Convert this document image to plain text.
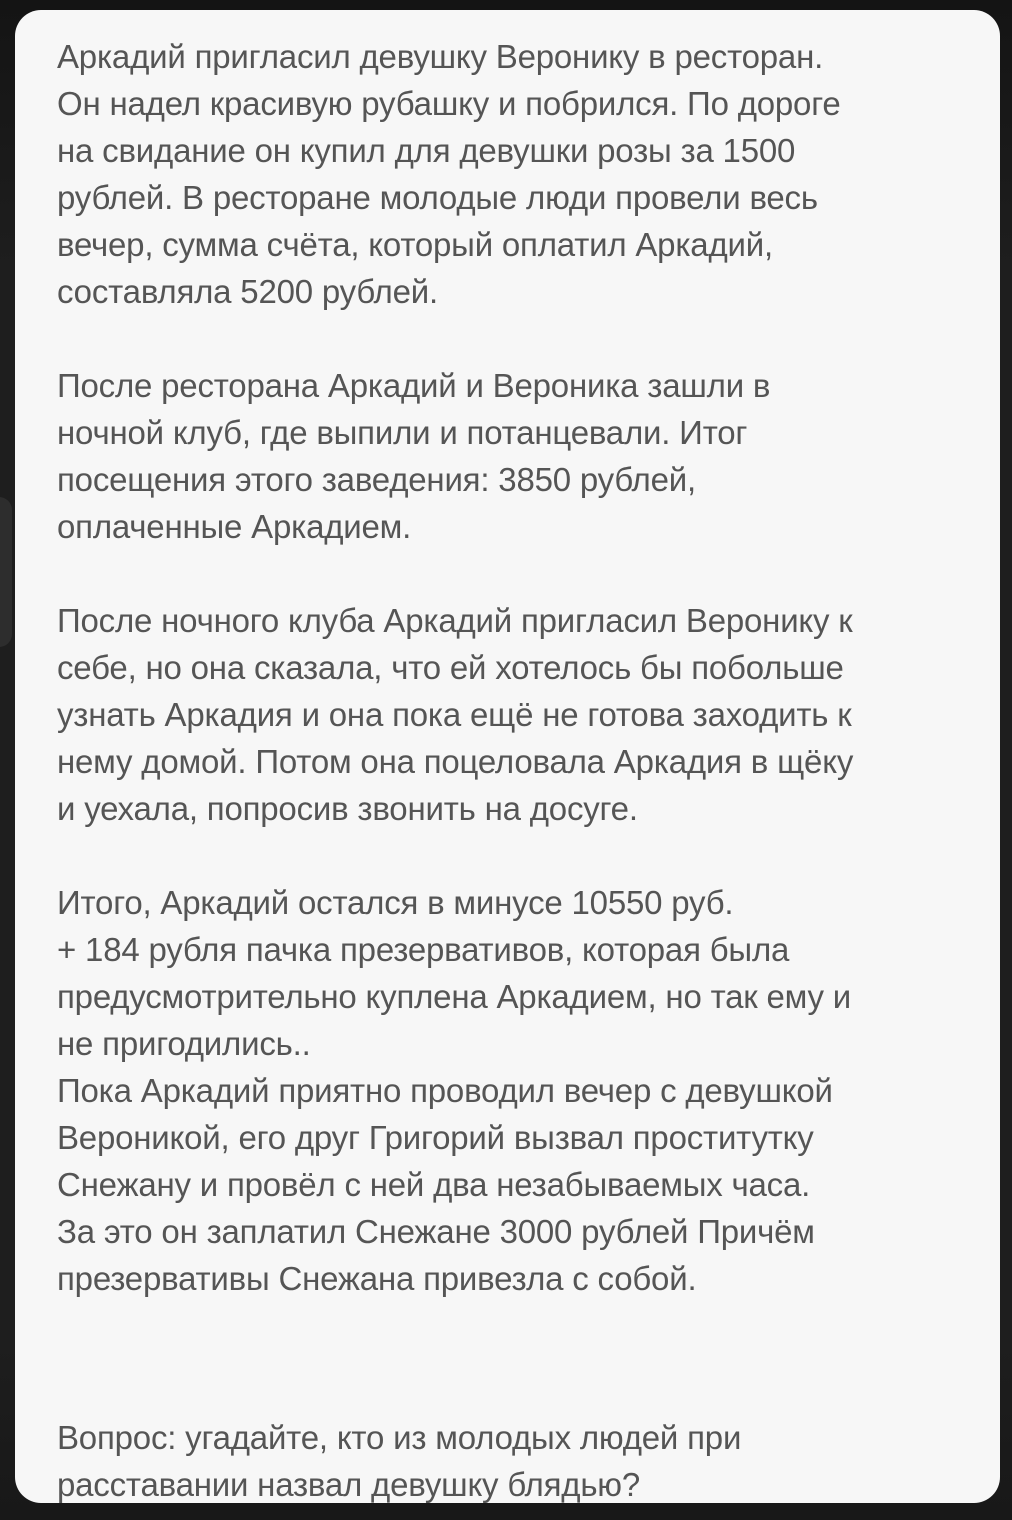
Аркадий пригласил девушку Веронику в ресторан.
Он надел красивую рубашку и побрился. По дороге
на свидание он купил для девушки розы за 1500
рублей. В ресторане молодые люди провели весь
вечер, сумма счёта, который оплатил Аркадий,
составляла 5200 рублей.
После ресторана Аркадий и Вероника зашли в
ночной клуб, где выпили и потанцевали. Итог
посещения этого заведения: 3850 рублей,
оплаченные Аркадием.
После ночного клуба Аркадий пригласил Веронику к
себе, но она сказала, что ей хотелось бы побольше
узнать Аркадия и она пока ещё не готова заходить к
нему домой. Потом она поцеловала Аркадия в щёку
и уехала, попросив звонить на досуге.
Итого, Аркадий остался в минусе 10550 руб.
+ 184 рубля пачка презервативов, которая была
предусмотрительно куплена Аркадием, но так ему и
не пригодились..
Пока Аркадий приятно проводил вечер с девушкой
Вероникой, его друг Григорий вызвал проститутку
Снежану и провёл с ней два незабываемых часа.
За это он заплатил Снежане 3000 рублей Причём
презервативы Снежана привезла с собой.
Вопрос: угадайте, кто из молодых людей при
расставании назвал девушку блядью?
